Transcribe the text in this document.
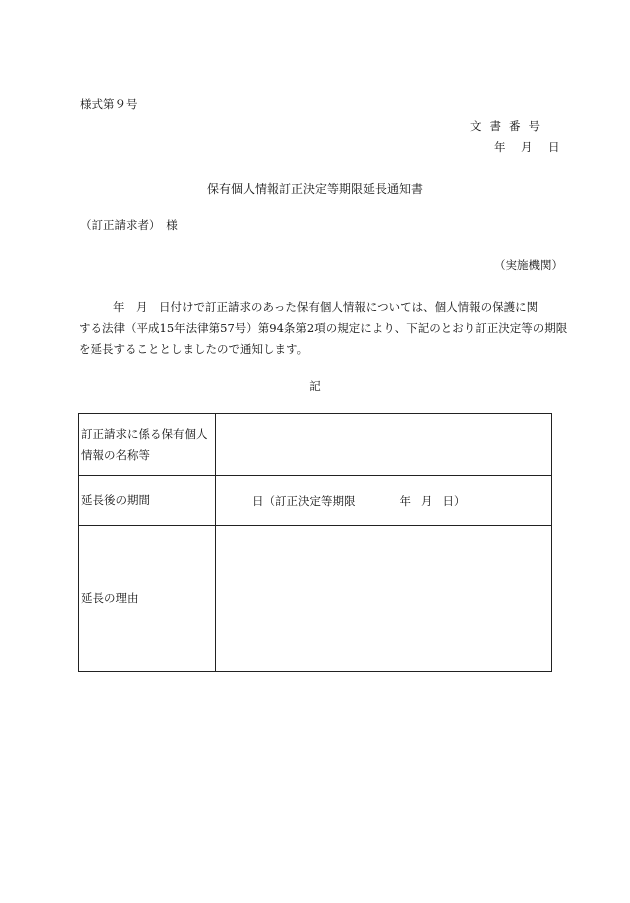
様式第９号
文書番号
年　月　日
保有個人情報訂正決定等期限延長通知書
（訂正請求者）　様
（実施機関）
年　月　日付けで訂正請求のあった保有個人情報については、個人情報の保護に関
する法律（平成15年法律第57号）第94条第2項の規定により、下記のとおり訂正決定等の期限
を延長することとしましたので通知します。
記
訂正請求に係る保有個人
情報の名称等	

延長後の期間	日（訂正決定等期限 年 月 日）

延長の理由	
